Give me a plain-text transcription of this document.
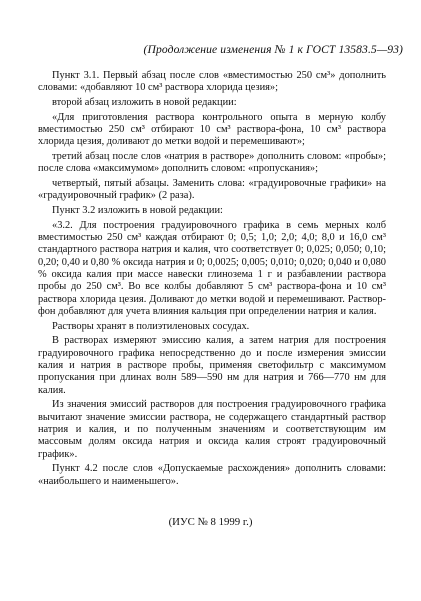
(Продолжение изменения № 1 к ГОСТ 13583.5—93)

Пункт 3.1. Первый абзац после слов «вместимостью 250 см³» дополнить словами: «добавляют 10 см³ раствора хлорида цезия»;

второй абзац изложить в новой редакции:

«Для приготовления раствора контрольного опыта в мерную колбу вместимостью 250 см³ отбирают 10 см³ раствора-фона, 10 см³ раствора хлорида цезия, доливают до метки водой и перемешивают»;

третий абзац после слов «натрия в растворе» дополнить словом: «пробы»; после слова «максимумом» дополнить словом: «пропускания»;

четвертый, пятый абзацы. Заменить слова: «градуировочные графики» на «градуировочный график» (2 раза).

Пункт 3.2 изложить в новой редакции:

«3.2. Для построения градуировочного графика в семь мерных колб вместимостью 250 см³ каждая отбирают 0; 0,5; 1,0; 2,0; 4,0; 8,0 и 16,0 см³ стандартного раствора натрия и калия, что соответствует 0; 0,025; 0,050; 0,10; 0,20; 0,40 и 0,80 % оксида натрия и 0; 0,0025; 0,005; 0,010; 0,020; 0,040 и 0,080 % оксида калия при массе навески глинозема 1 г и разбавлении раствора пробы до 250 см³. Во все колбы добавляют 5 см³ раствора-фона и 10 см³ раствора хлорида цезия. Доливают до метки водой и перемешивают. Раствор-фон добавляют для учета влияния кальция при определении натрия и калия.

Растворы хранят в полиэтиленовых сосудах.

В растворах измеряют эмиссию калия, а затем натрия для построения градуировочного графика непосредственно до и после измерения эмиссии калия и натрия в растворе пробы, применяя светофильтр с максимумом пропускания при длинах волн 589—590 нм для натрия и 766—770 нм для калия.

Из значения эмиссий растворов для построения градуировочного графика вычитают значение эмиссии раствора, не содержащего стандартный раствор натрия и калия, и по полученным значениям и соответствующим им массовым долям оксида натрия и оксида калия строят градуировочный график».

Пункт 4.2 после слов «Допускаемые расхождения» дополнить словами: «наибольшего и наименьшего».

(ИУС № 8 1999 г.)
